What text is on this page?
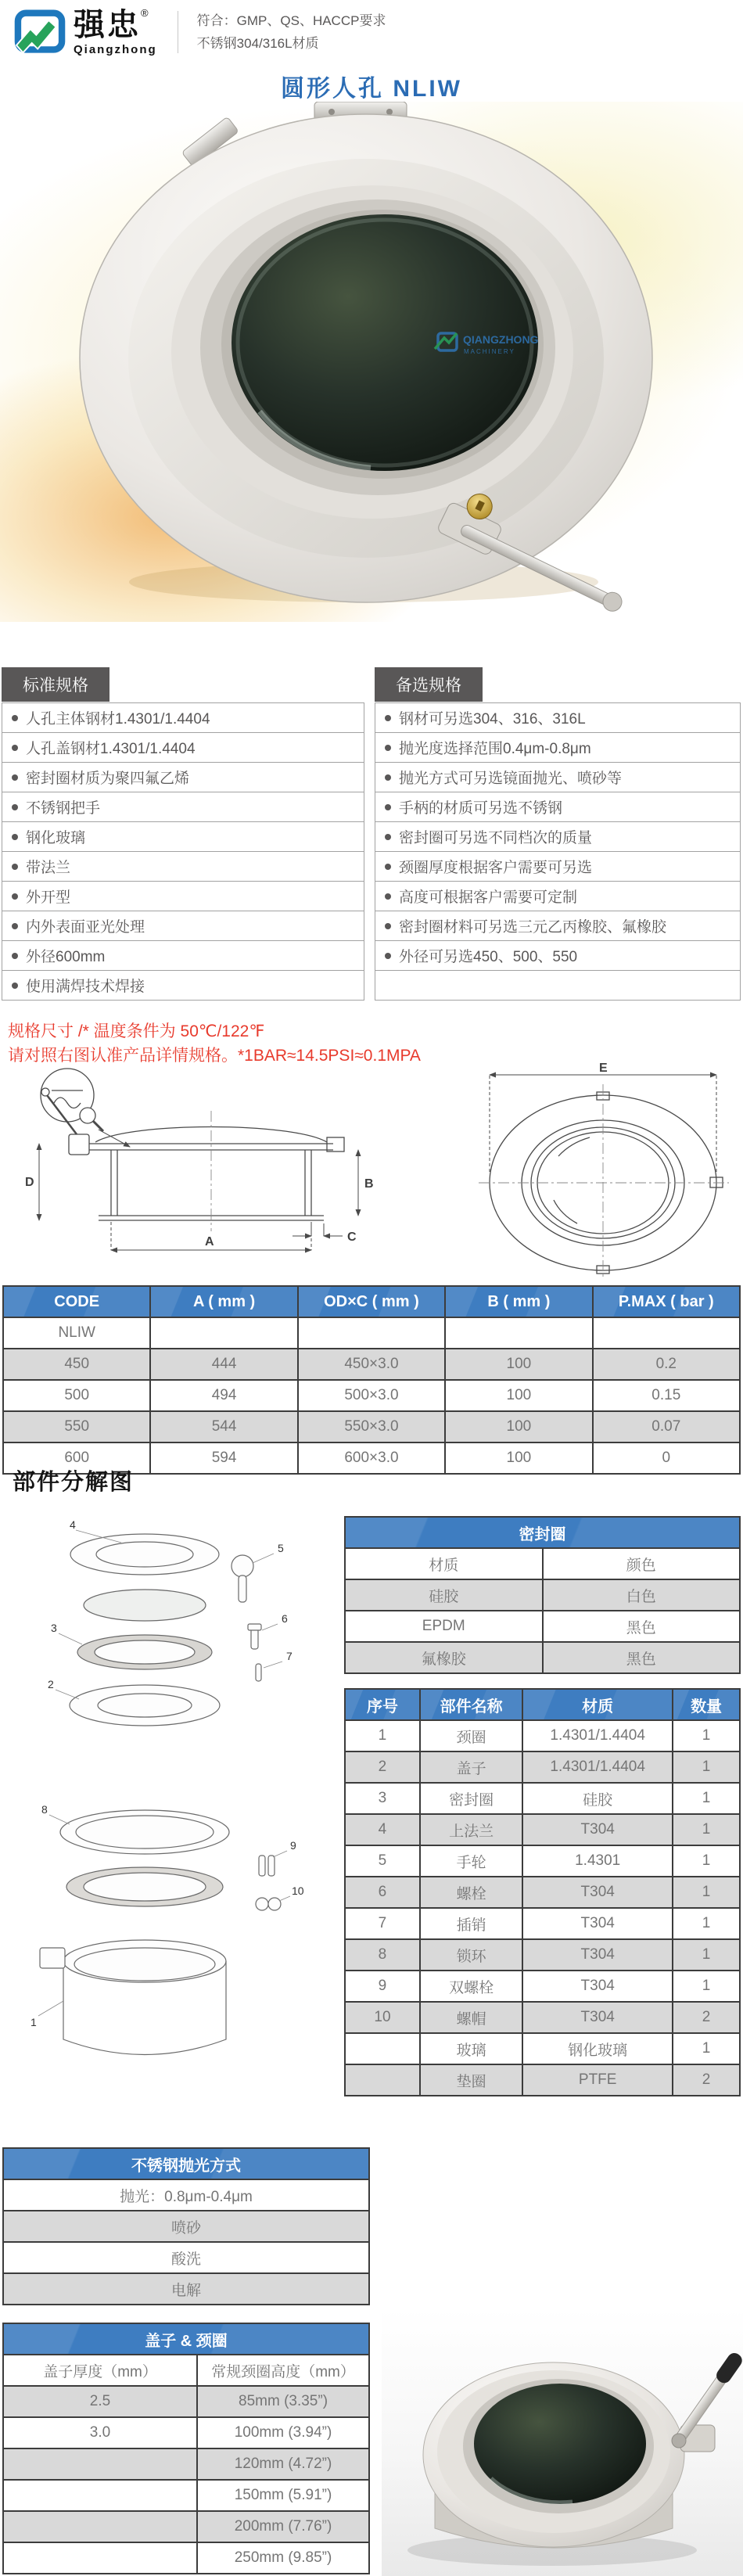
强忠 ®
Qiangzhong
符合：GMP、QS、HACCP要求
不锈钢304/316L材质
圆形人孔 NLIW
QIANGZHONG
MACHINERY
标准规格
人孔主体钢材1.4301/1.4404
人孔盖钢材1.4301/1.4404
密封圈材质为聚四氟乙烯
不锈钢把手
钢化玻璃
带法兰
外开型
内外表面亚光处理
外径600mm
使用满焊技术焊接
备选规格
钢材可另选304、316、316L
抛光度选择范围0.4μm-0.8μm
抛光方式可另选镜面抛光、喷砂等
手柄的材质可另选不锈钢
密封圈可另选不同档次的质量
颈圈厚度根据客户需要可另选
高度可根据客户需要可定制
密封圈材料可另选三元乙丙橡胶、氟橡胶
外径可另选450、500、550
规格尺寸 /* 温度条件为 50℃/122℉
请对照右图认准产品详情规格。*1BAR≈14.5PSI≈0.1MPA
D	B
A	C
E
CODE	A ( mm )	OD×C ( mm )	B ( mm )	P.MAX ( bar )
NLIW				
450	444	450×3.0	100	0.2
500	494	500×3.0	100	0.15
550	544	550×3.0	100	0.07
600	594	600×3.0	100	0
部件分解图
4
3
2
5
6
7
8
9
10
1
密封圈	
材质	颜色
硅胶	白色
EPDM	黑色
氟橡胶	黑色
序号	部件名称	材质	数量
1	颈圈	1.4301/1.4404	1
2	盖子	1.4301/1.4404	1
3	密封圈	硅胶	1
4	上法兰	T304	1
5	手轮	1.4301	1
6	螺栓	T304	1
7	插销	T304	1
8	锁环	T304	1
9	双螺栓	T304	1
10	螺帽	T304	2
	玻璃	钢化玻璃	1
	垫圈	PTFE	2
不锈钢抛光方式
抛光：0.8μm-0.4μm
喷砂
酸洗
电解
盖子 & 颈圈	
盖子厚度（mm）	常规颈圈高度（mm）
2.5	85mm (3.35”)
3.0	100mm (3.94”)
	120mm (4.72”)
	150mm (5.91”)
	200mm (7.76”)
	250mm (9.85”)
